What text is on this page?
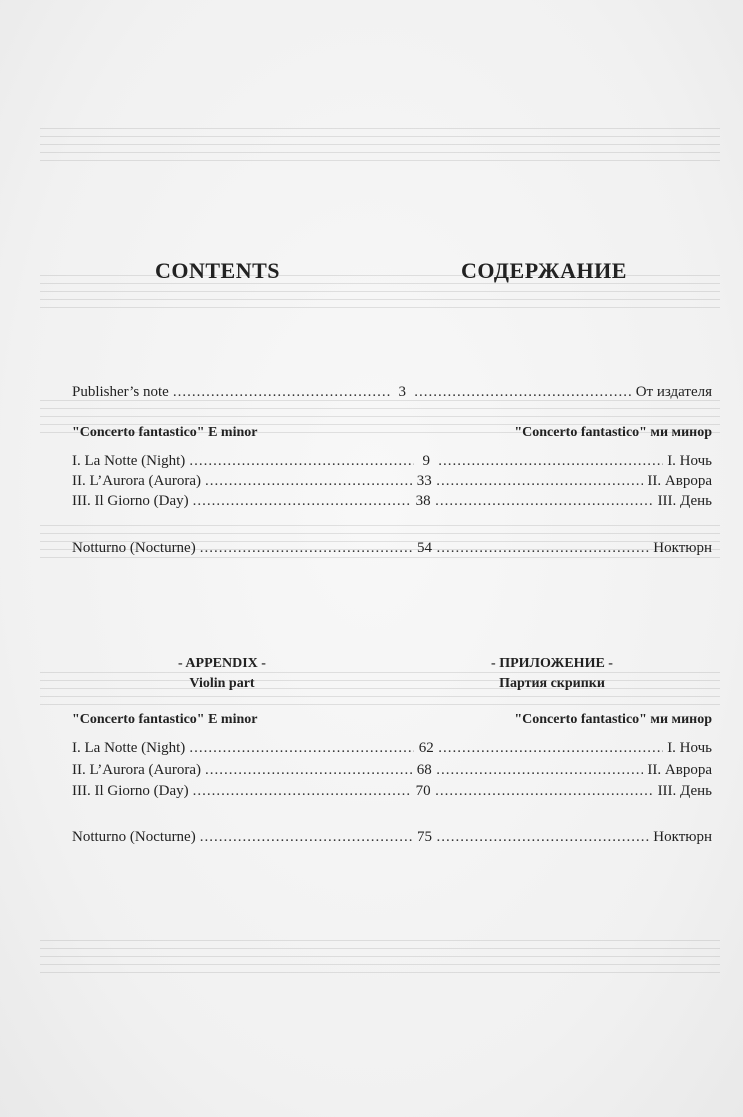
CONTENTS	СОДЕРЖАНИЕ
Publisher’s note .....	3 .....	От издателя
"Concerto fantastico" E minor	"Concerto fantastico" ми минор
I. La Notte (Night) .....	9 .....	I. Ночь
II. L’Aurora (Aurora) .....	33 .....	II. Аврора
III. Il Giorno (Day) .....	38 .....	III. День
Notturno (Nocturne) .....	54 .....	Ноктюрн
- APPENDIX -
Violin part
- ПРИЛОЖЕНИЕ -
Партия скрипки
"Concerto fantastico" E minor	"Concerto fantastico" ми минор
I. La Notte (Night) .....	62 .....	I. Ночь
II. L’Aurora (Aurora) .....	68 .....	II. Аврора
III. Il Giorno (Day) .....	70 .....	III. День
Notturno (Nocturne) .....	75 .....	Ноктюрн
